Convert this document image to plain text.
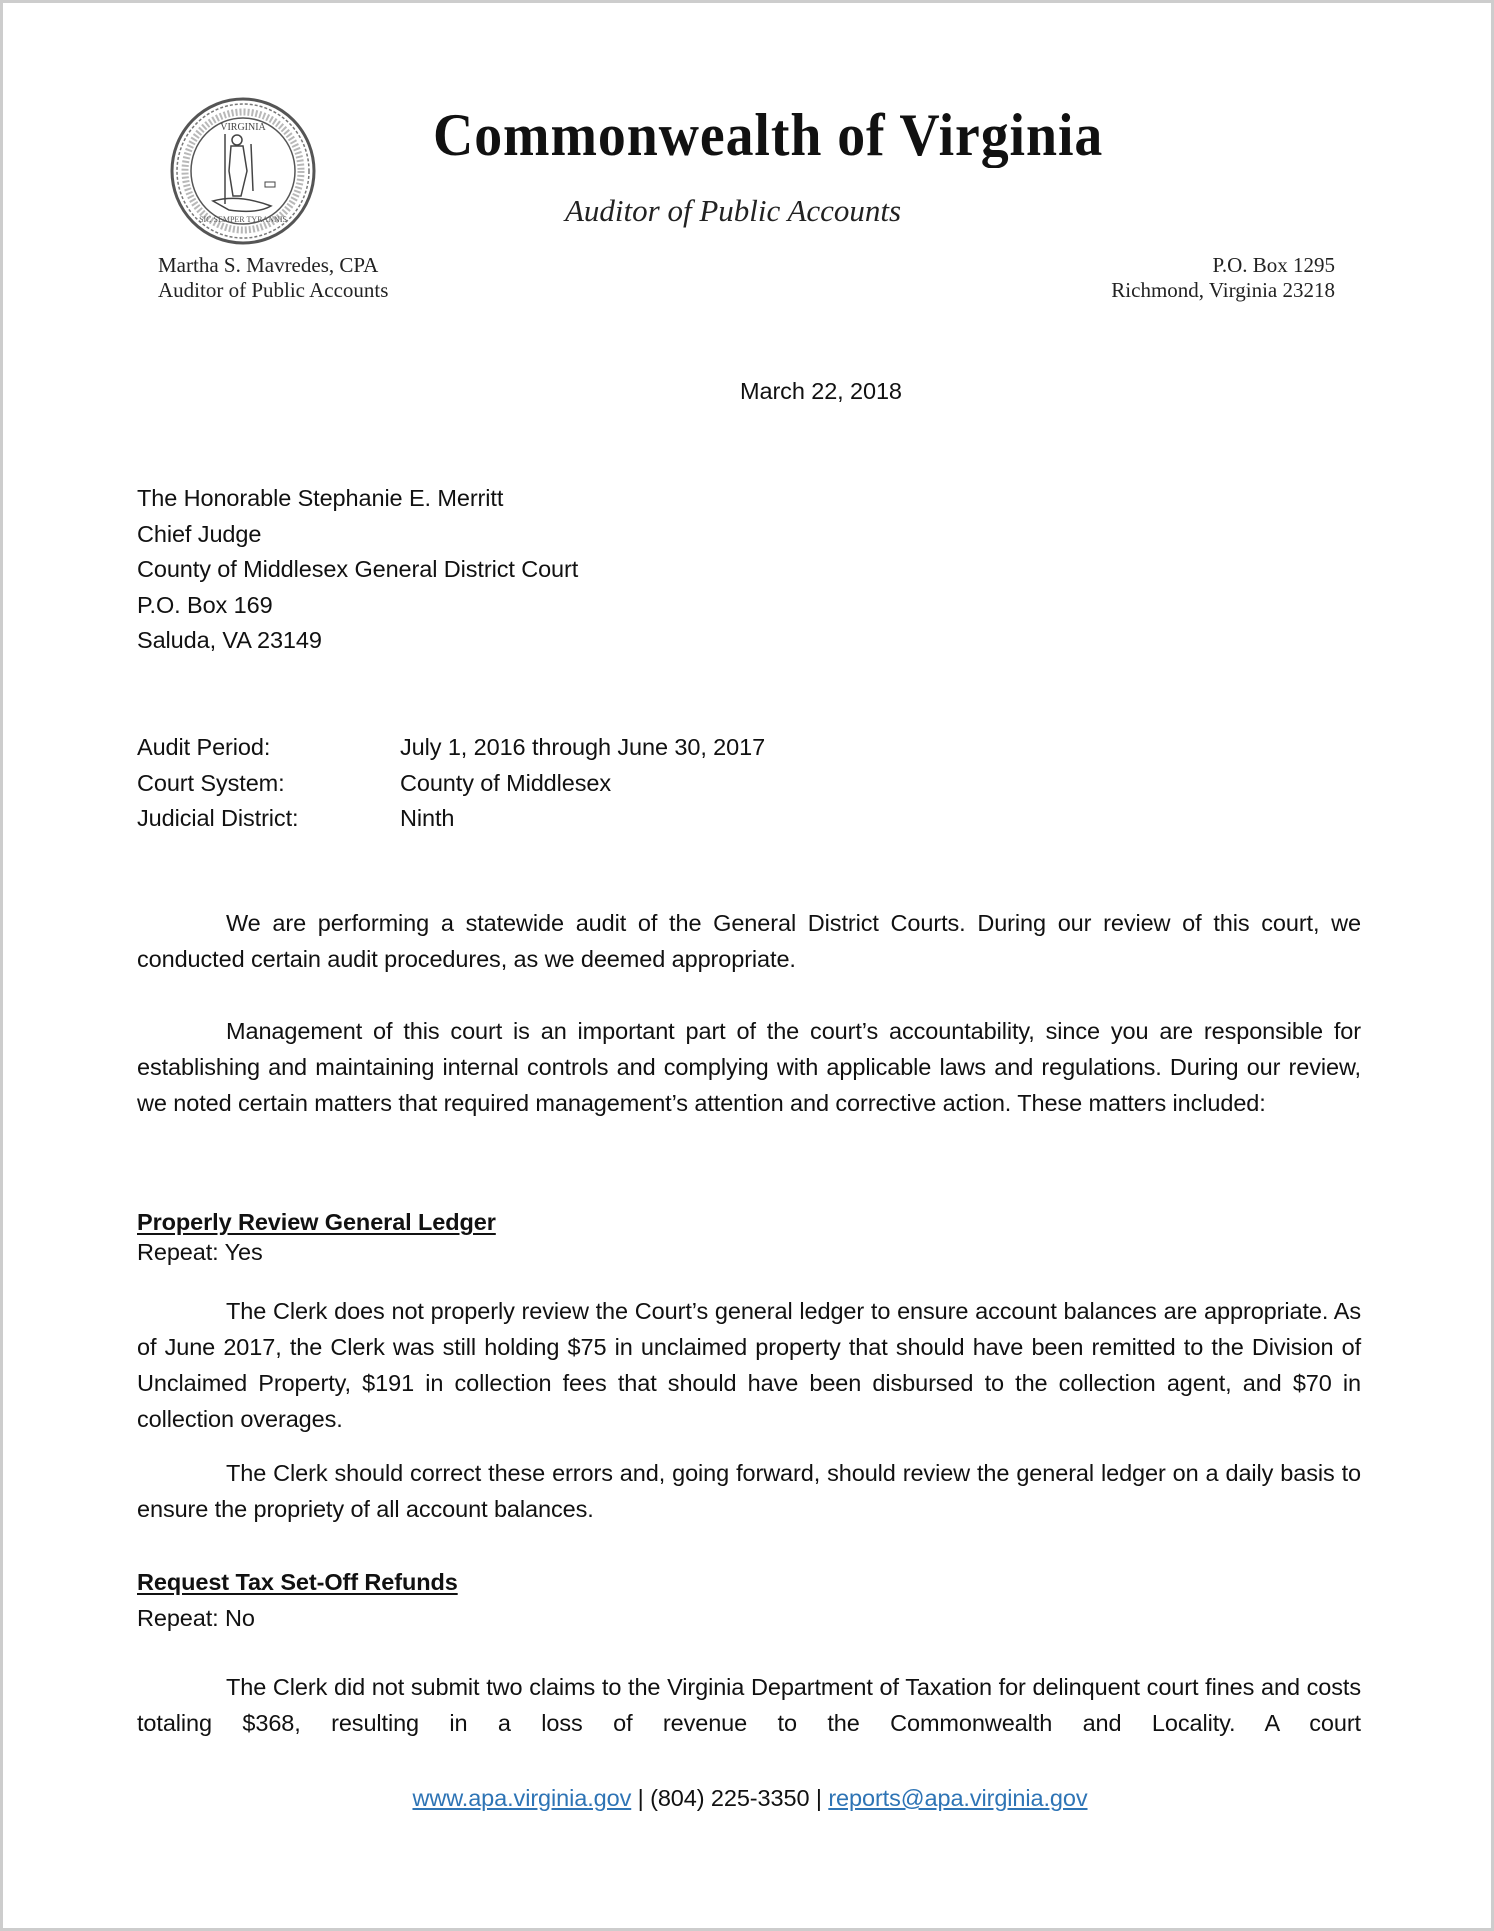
VIRGINIA
SIC SEMPER TYRANNIS
Commonwealth of Virginia
Auditor of Public Accounts
Martha S. Mavredes, CPA
Auditor of Public Accounts
P.O. Box 1295
Richmond, Virginia 23218
March 22, 2018
The Honorable Stephanie E. Merritt
Chief Judge
County of Middlesex General District Court
P.O. Box 169
Saluda, VA 23149
Audit Period:	July 1, 2016 through June 30, 2017
Court System:	County of Middlesex
Judicial District:	Ninth

We are performing a statewide audit of the General District Courts. During our review of this court, we conducted certain audit procedures, as we deemed appropriate.

Management of this court is an important part of the court’s accountability, since you are responsible for establishing and maintaining internal controls and complying with applicable laws and regulations. During our review, we noted certain matters that required management’s attention and corrective action. These matters included:

Properly Review General Ledger
Repeat: Yes

The Clerk does not properly review the Court’s general ledger to ensure account balances are appropriate. As of June 2017, the Clerk was still holding $75 in unclaimed property that should have been remitted to the Division of Unclaimed Property, $191 in collection fees that should have been disbursed to the collection agent, and $70 in collection overages.

The Clerk should correct these errors and, going forward, should review the general ledger on a daily basis to ensure the propriety of all account balances.

Request Tax Set-Off Refunds
Repeat: No

The Clerk did not submit two claims to the Virginia Department of Taxation for delinquent court fines and costs totaling $368, resulting in a loss of revenue to the Commonwealth and Locality. A court

www.apa.virginia.gov | (804) 225-3350 | reports@apa.virginia.gov
